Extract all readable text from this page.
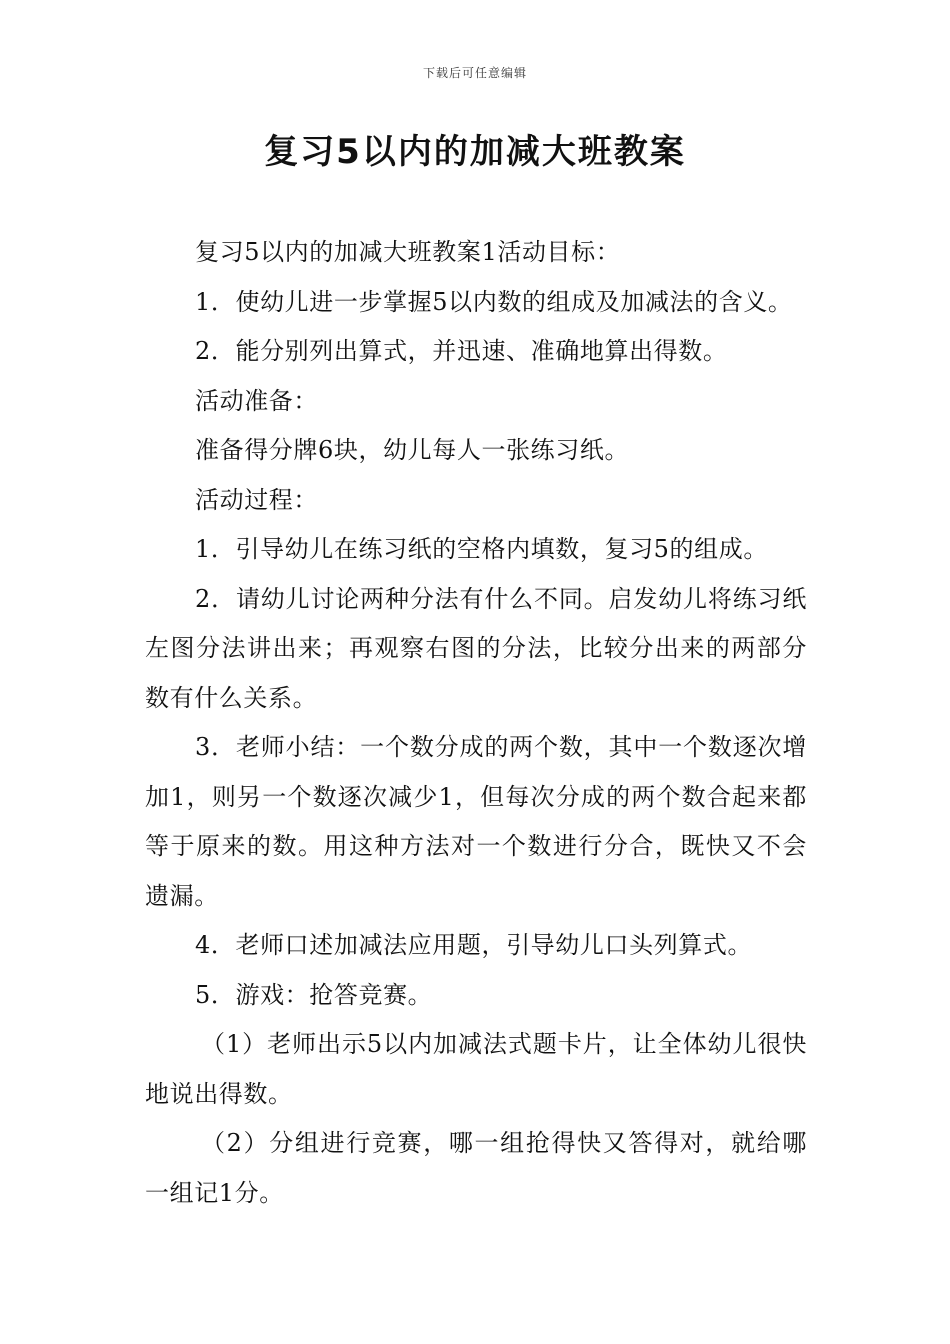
下载后可任意编辑
复习5以内的加减大班教案

复习5以内的加减大班教案1活动目标：

1．使幼儿进一步掌握5以内数的组成及加减法的含义。

2．能分别列出算式，并迅速、准确地算出得数。

活动准备：

准备得分牌6块，幼儿每人一张练习纸。

活动过程：

1．引导幼儿在练习纸的空格内填数，复习5的组成。

2．请幼儿讨论两种分法有什么不同。启发幼儿将练习纸左图分法讲出来；再观察右图的分法，比较分出来的两部分数有什么关系。

3．老师小结：一个数分成的两个数，其中一个数逐次增加1，则另一个数逐次减少1，但每次分成的两个数合起来都等于原来的数。用这种方法对一个数进行分合，既快又不会遗漏。

4．老师口述加减法应用题，引导幼儿口头列算式。

5．游戏：抢答竞赛。

（1）老师出示5以内加减法式题卡片，让全体幼儿很快地说出得数。

（2）分组进行竞赛，哪一组抢得快又答得对，就给哪一组记1分。
